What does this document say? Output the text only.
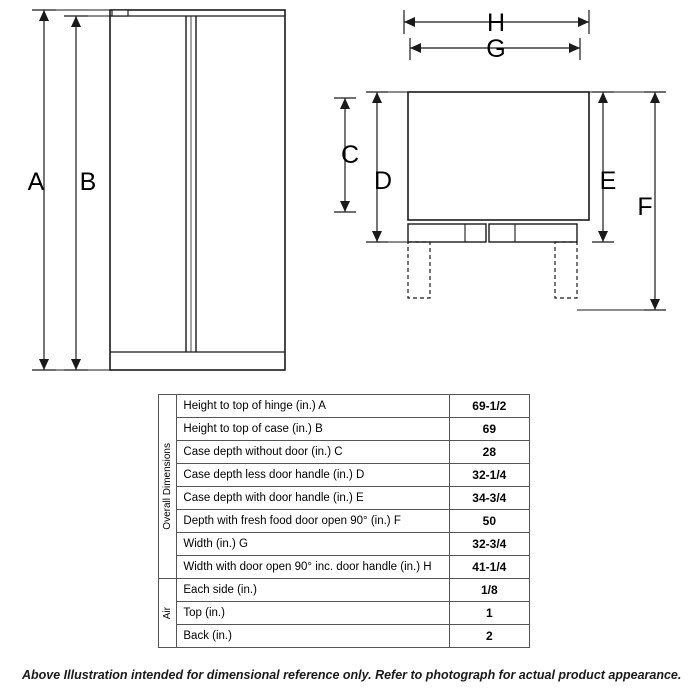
A B
C
D	E
F
G
H
Overall Dimensions	Height to top of hinge (in.) A	69-1/2
	Height to top of case (in.) B	69
	Case depth without door (in.) C	28
	Case depth less door handle (in.) D	32-1/4
	Case depth with door handle (in.) E	34-3/4
	Depth with fresh food door open 90° (in.) F	50
	Width (in.) G	32-3/4
	Width with door open 90° inc. door handle (in.) H	41-1/4

Air	Each side (in.)	1/8
	Top (in.)	1
	Back (in.)	2
Above Illustration intended for dimensional reference only. Refer to photograph for actual product appearance.
